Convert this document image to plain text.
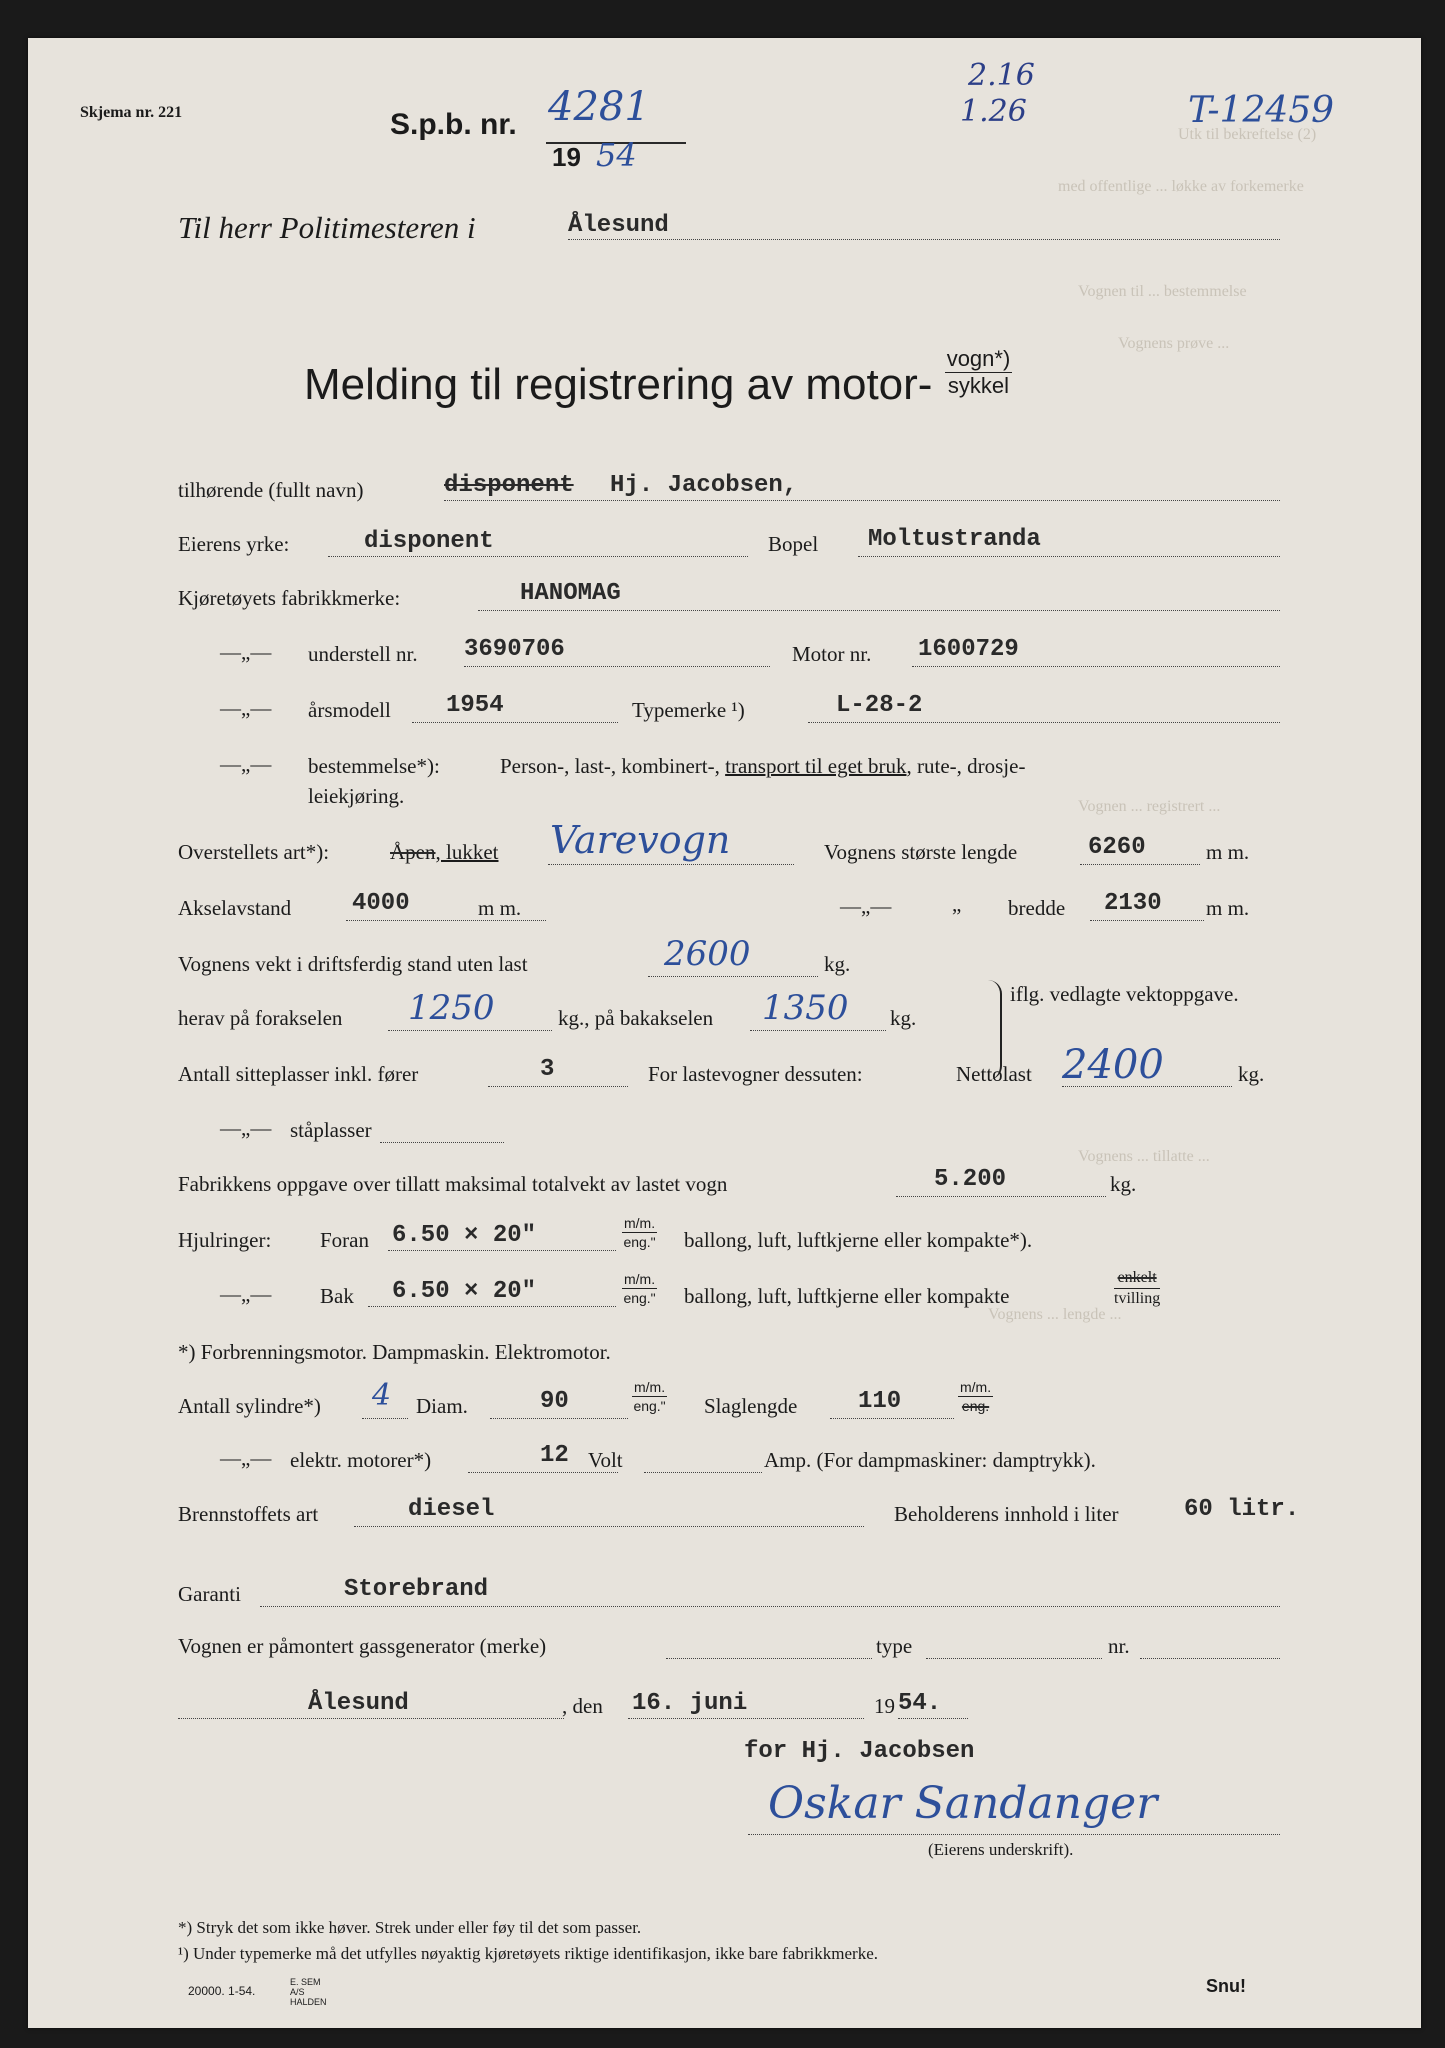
Utk til bekreftelse (2)
med offentlige ... løkke av forkemerke
Vognen til ... bestemmelse
Vognens prøve ...
Vognen ... registrert ...
Vognens ... tillatte ...
Vognens ... lengde ...
Skjema nr. 221	S.p.b. nr. 4281
19 54
2.16
1.26	T-12459
Til herr Politimesteren i	Ålesund
Melding til registrering av motor- $\frac{\text{vogn*)}}{\text{sykkel}}$
tilhørende (fullt navn)	disponent Hj. Jacobsen,
Eierens yrke:	disponent	Bopel Moltustranda
Kjøretøyets fabrikkmerke:	HANOMAG
—„— understell nr. 3690706	Motor nr. 1600729
—„— årsmodell 1954	Typemerke ¹)	L-28-2
—„— bestemmelse*):	Person-, last-, kombinert-, transport til eget bruk, rute-, drosje-
leiekjøring.
Overstellets art*):	Åpen, lukket Varevogn	Vognens største lengde	6260	m m.
Akselavstand	4000	m m.	—„—	„ bredde 2130 m m.
Vognens vekt i driftsferdig stand uten last	2600	kg.
iflg. vedlagte vektoppgave.
herav på forakselen 1250	kg., på bakakselen 1350 kg.
Antall sitteplasser inkl. fører	3	For lastevogner dessuten:	Nettolast 2400	kg.
—„— ståplasser
Fabrikkens oppgave over tillatt maksimal totalvekt av lastet vogn	5.200	kg.
Hjulringer: Foran 6.50 × 20"	$\frac{m/m.}{\text{eng."}}$ ballong, luft, luftkjerne eller kompakte*).
—„— Bak 6.50 × 20"	$\frac{m/m.}{\text{eng."}}$ ballong, luft, luftkjerne eller kompakte	$\frac{\text{enkelt}}{\text{tvilling}}$
*) Forbrenningsmotor. Dampmaskin. Elektromotor.
Antall sylindre*) 4 Diam.	90	$\frac{m/m.}{\text{eng."}}$ Slaglengde	110	$\frac{m/m.}{\text{eng.}}$
—„— elektr. motorer*)	12 Volt	Amp. (For dampmaskiner: damptrykk).
Brennstoffets art	diesel	Beholderens innhold i liter	60 litr.
Garanti	Storebrand
Vognen er påmontert gassgenerator (merke)	type	nr.
Ålesund	, den 16. juni	19 54.
for Hj. Jacobsen
Oskar Sandanger
(Eierens underskrift).
*) Stryk det som ikke høver. Strek under eller føy til det som passer.
¹) Under typemerke må det utfylles nøyaktig kjøretøyets riktige identifikasjon, ikke bare fabrikkmerke.
20000. 1-54.
E. SEM A/S HALDEN
Snu!
